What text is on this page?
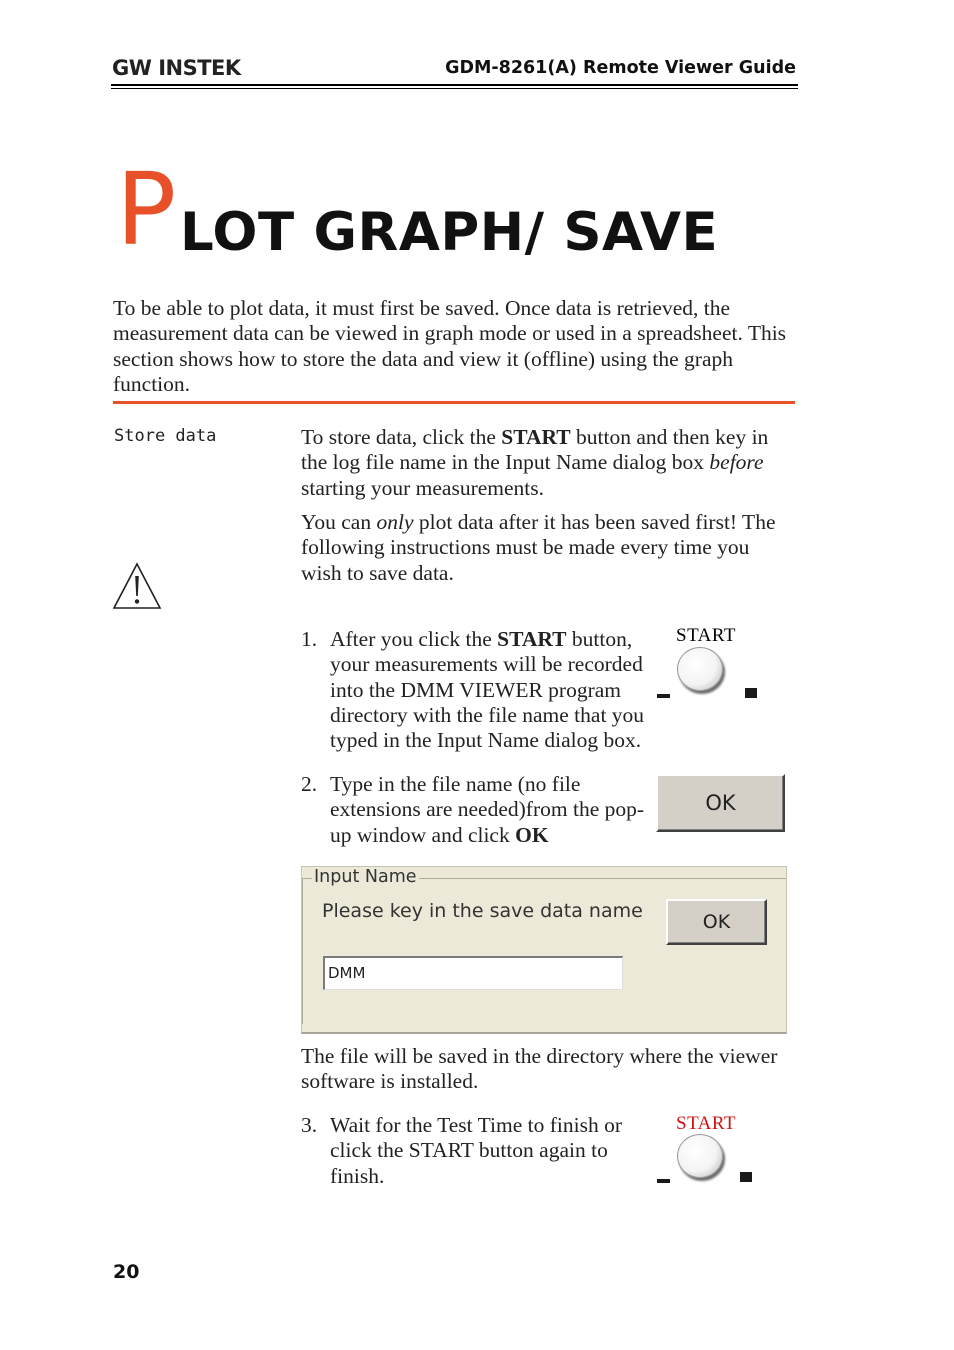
GW INSTEK	GDM-8261(A) Remote Viewer Guide
P LOT GRAPH/ SAVE
To be able to plot data, it must first be saved. Once data is retrieved, the measurement data can be viewed in graph mode or used in a spreadsheet. This section shows how to store the data and view it (offline) using the graph function.
Store data	To store data, click the START button and then key in the log file name in the Input Name dialog box before starting your measurements.
You can only plot data after it has been saved first! The following instructions must be made every time you wish to save data.
1. After you click the START button, your measurements will be recorded into the DMM VIEWER program directory with the file name that you typed in the Input Name dialog box.
START
2. Type in the file name (no file extensions are needed)from the pop-up window and click OK
OK
Input Name
Please key in the save data name	OK
DMM
The file will be saved in the directory where the viewer software is installed.
3. Wait for the Test Time to finish or click the START button again to finish.
START
20
